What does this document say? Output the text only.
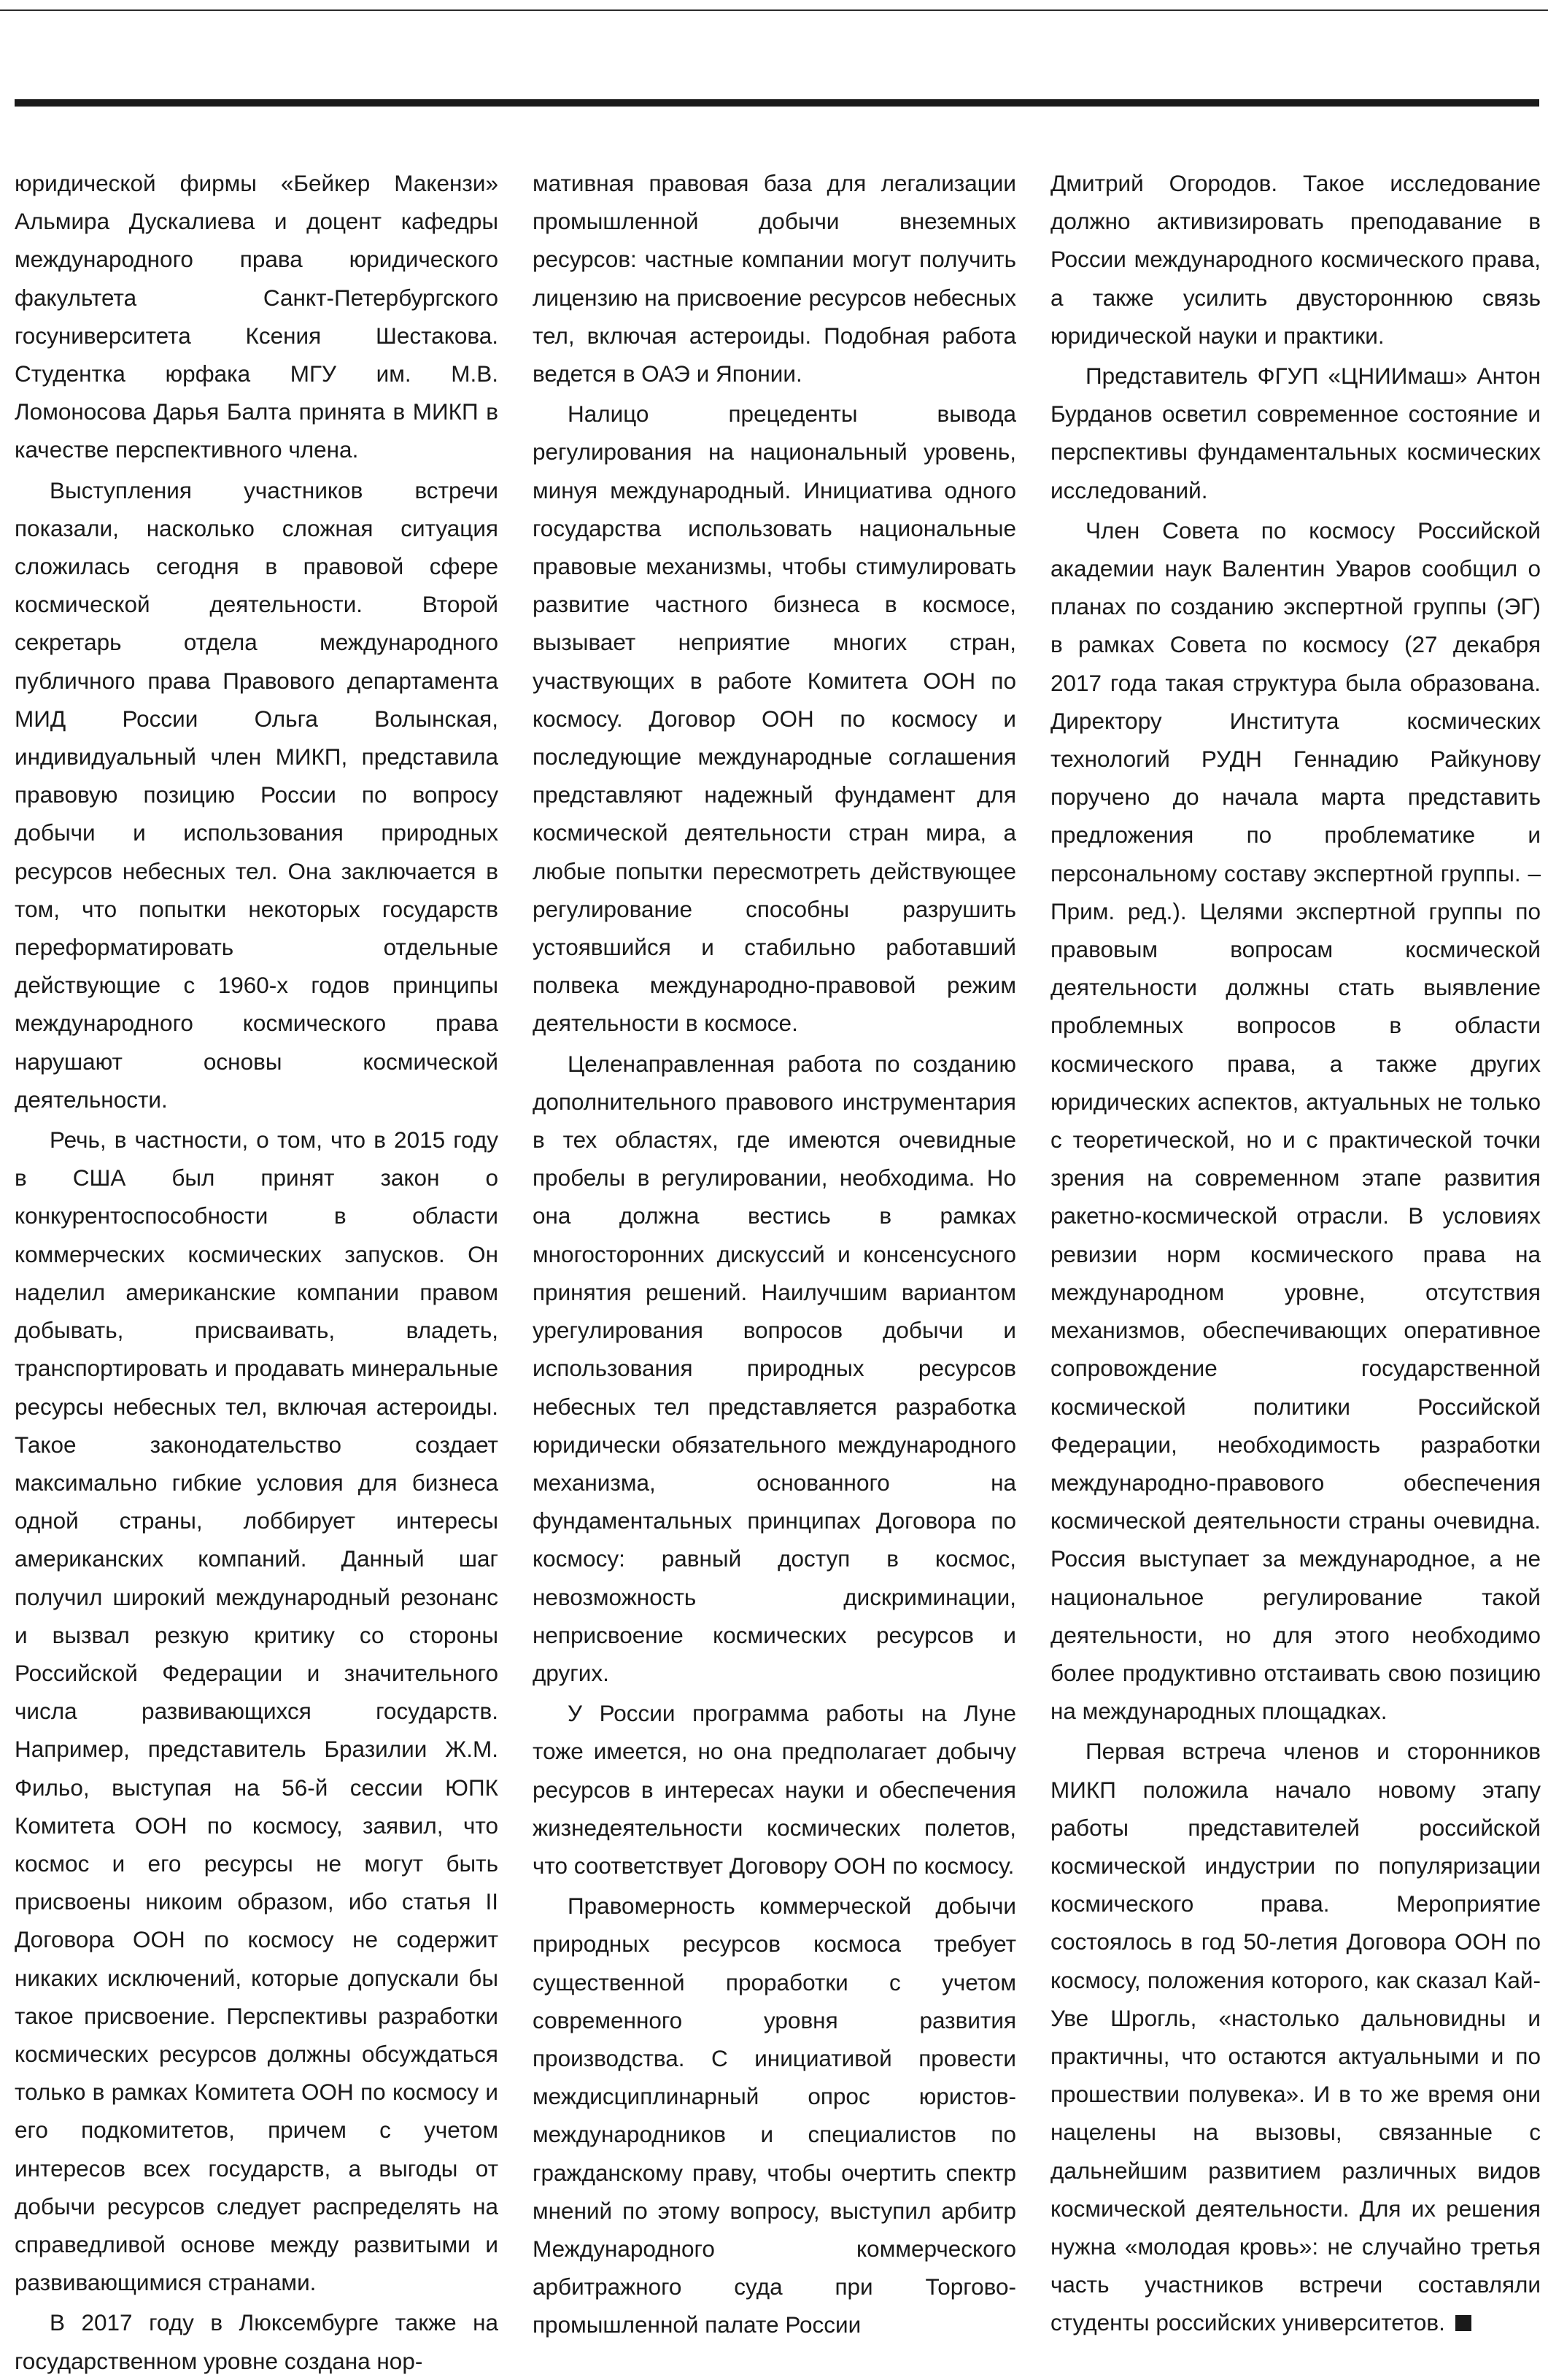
юридической фирмы «Бейкер Макензи» Альмира Дускалиева и доцент кафедры международного права юридического факультета Санкт-Петербургского госуниверситета Ксения Шестакова. Студентка юрфака МГУ им. М.В. Ломоносова Дарья Балта принята в МИКП в качестве перспективного члена.

Выступления участников встречи показали, насколько сложная ситуация сложилась сегодня в правовой сфере космической деятельности. Второй секретарь отдела международного публичного права Правового департамента МИД России Ольга Волынская, индивидуальный член МИКП, представила правовую позицию России по вопросу добычи и использования природных ресурсов небесных тел. Она заключается в том, что попытки некоторых государств переформатировать отдельные действующие с 1960-х годов принципы международного космического права нарушают основы космической деятельности.

Речь, в частности, о том, что в 2015 году в США был принят закон о конкурентоспособности в области коммерческих космических запусков. Он наделил американские компании правом добывать, присваивать, владеть, транспортировать и продавать минеральные ресурсы небесных тел, включая астероиды. Такое законодательство создает максимально гибкие условия для бизнеса одной страны, лоббирует интересы американских компаний. Данный шаг получил широкий международный резонанс и вызвал резкую критику со стороны Российской Федерации и значительного числа развивающихся государств. Например, представитель Бразилии Ж.М. Фильо, выступая на 56-й сессии ЮПК Комитета ООН по космосу, заявил, что космос и его ресурсы не могут быть присвоены никоим образом, ибо статья II Договора ООН по космосу не содержит никаких исключений, которые допускали бы такое присвоение. Перспективы разработки космических ресурсов должны обсуждаться только в рамках Комитета ООН по космосу и его подкомитетов, причем с учетом интересов всех государств, а выгоды от добычи ресурсов следует распределять на справедливой основе между развитыми и развивающимися странами.

В 2017 году в Люксембурге также на государственном уровне создана нор-

мативная правовая база для легализации промышленной добычи внеземных ресурсов: частные компании могут получить лицензию на присвоение ресурсов небесных тел, включая астероиды. Подобная работа ведется в ОАЭ и Японии.

Налицо прецеденты вывода регулирования на национальный уровень, минуя международный. Инициатива одного государства использовать национальные правовые механизмы, чтобы стимулировать развитие частного бизнеса в космосе, вызывает неприятие многих стран, участвующих в работе Комитета ООН по космосу. Договор ООН по космосу и последующие международные соглашения представляют надежный фундамент для космической деятельности стран мира, а любые попытки пересмотреть действующее регулирование способны разрушить устоявшийся и стабильно работавший полвека международно-правовой режим деятельности в космосе.

Целенаправленная работа по созданию дополнительного правового инструментария в тех областях, где имеются очевидные пробелы в регулировании, необходима. Но она должна вестись в рамках многосторонних дискуссий и консенсусного принятия решений. Наилучшим вариантом урегулирования вопросов добычи и использования природных ресурсов небесных тел представляется разработка юридически обязательного международного механизма, основанного на фундаментальных принципах Договора по космосу: равный доступ в космос, невозможность дискриминации, неприсвоение космических ресурсов и других.

У России программа работы на Луне тоже имеется, но она предполагает добычу ресурсов в интересах науки и обеспечения жизнедеятельности космических полетов, что соответствует Договору ООН по космосу.

Правомерность коммерческой добычи природных ресурсов космоса требует существенной проработки с учетом современного уровня развития производства. С инициативой провести междисциплинарный опрос юристов-международников и специалистов по гражданскому праву, чтобы очертить спектр мнений по этому вопросу, выступил арбитр Международного коммерческого арбитражного суда при Торгово-промышленной палате России

Дмитрий Огородов. Такое исследование должно активизировать преподавание в России международного космического права, а также усилить двустороннюю связь юридической науки и практики.

Представитель ФГУП «ЦНИИмаш» Антон Бурданов осветил современное состояние и перспективы фундаментальных космических исследований.

Член Совета по космосу Российской академии наук Валентин Уваров сообщил о планах по созданию экспертной группы (ЭГ) в рамках Совета по космосу (27 декабря 2017 года такая структура была образована. Директору Института космических технологий РУДН Геннадию Райкунову поручено до начала марта представить предложения по проблематике и персональному составу экспертной группы. – Прим. ред.). Целями экспертной группы по правовым вопросам космической деятельности должны стать выявление проблемных вопросов в области космического права, а также других юридических аспектов, актуальных не только с теоретической, но и с практической точки зрения на современном этапе развития ракетно-космической отрасли. В условиях ревизии норм космического права на международном уровне, отсутствия механизмов, обеспечивающих оперативное сопровождение государственной космической политики Российской Федерации, необходимость разработки международно-правового обеспечения космической деятельности страны очевидна. Россия выступает за международное, а не национальное регулирование такой деятельности, но для этого необходимо более продуктивно отстаивать свою позицию на международных площадках.

Первая встреча членов и сторонников МИКП положила начало новому этапу работы представителей российской космической индустрии по популяризации космического права. Мероприятие состоялось в год 50-летия Договора ООН по космосу, положения которого, как сказал Кай-Уве Шрогль, «настолько дальновидны и практичны, что остаются актуальными и по прошествии полувека». И в то же время они нацелены на вызовы, связанные с дальнейшим развитием различных видов космической деятельности. Для их решения нужна «молодая кровь»: не случайно третья часть участников встречи составляли студенты российских университетов.
